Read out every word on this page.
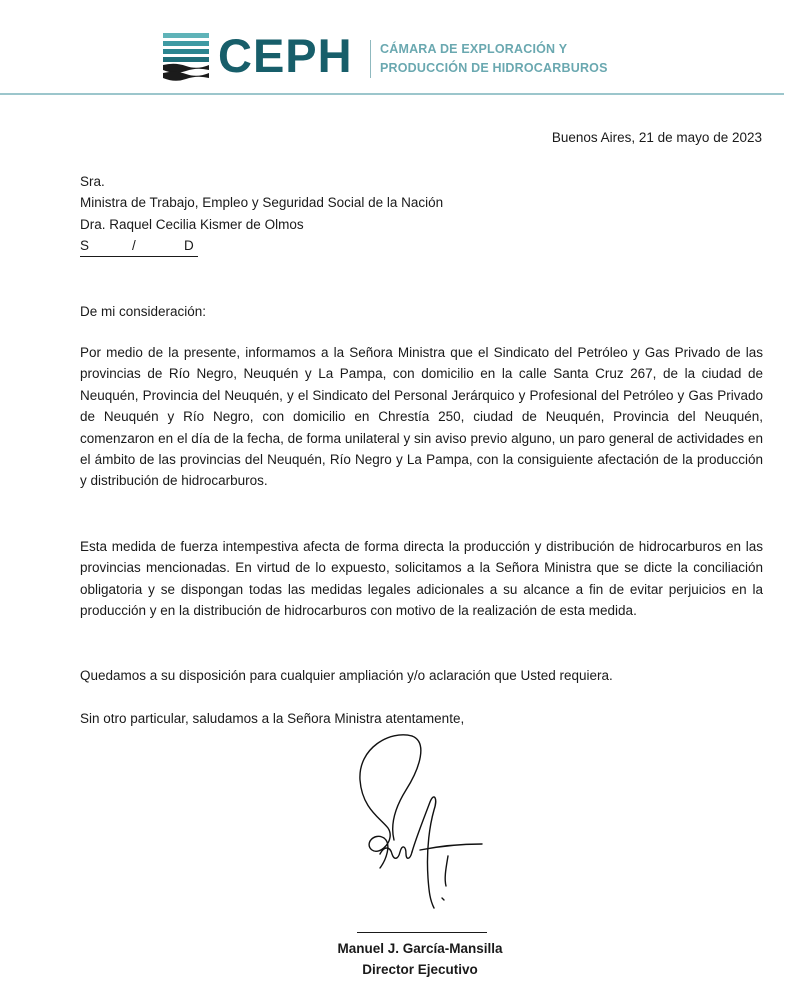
CEPH CÁMARA DE EXPLORACIÓN Y
PRODUCCIÓN DE HIDROCARBUROS
Buenos Aires, 21 de mayo de 2023
Sra.
Ministra de Trabajo, Empleo y Seguridad Social de la Nación
Dra. Raquel Cecilia Kismer de Olmos
S	/	D
De mi consideración:
Por medio de la presente, informamos a la Señora Ministra que el Sindicato del Petróleo y Gas Privado de las provincias de Río Negro, Neuquén y La Pampa, con domicilio en la calle Santa Cruz 267, de la ciudad de Neuquén, Provincia del Neuquén, y el Sindicato del Personal Jerárquico y Profesional del Petróleo y Gas Privado de Neuquén y Río Negro, con domicilio en Chrestía 250, ciudad de Neuquén, Provincia del Neuquén, comenzaron en el día de la fecha, de forma unilateral y sin aviso previo alguno, un paro general de actividades en el ámbito de las provincias del Neuquén, Río Negro y La Pampa, con la consiguiente afectación de la producción y distribución de hidrocarburos.
Esta medida de fuerza intempestiva afecta de forma directa la producción y distribución de hidrocarburos en las provincias mencionadas. En virtud de lo expuesto, solicitamos a la Señora Ministra que se dicte la conciliación obligatoria y se dispongan todas las medidas legales adicionales a su alcance a fin de evitar perjuicios en la producción y en la distribución de hidrocarburos con motivo de la realización de esta medida.
Quedamos a su disposición para cualquier ampliación y/o aclaración que Usted requiera.
Sin otro particular, saludamos a la Señora Ministra atentamente,
Manuel J. García-Mansilla
Director Ejecutivo
